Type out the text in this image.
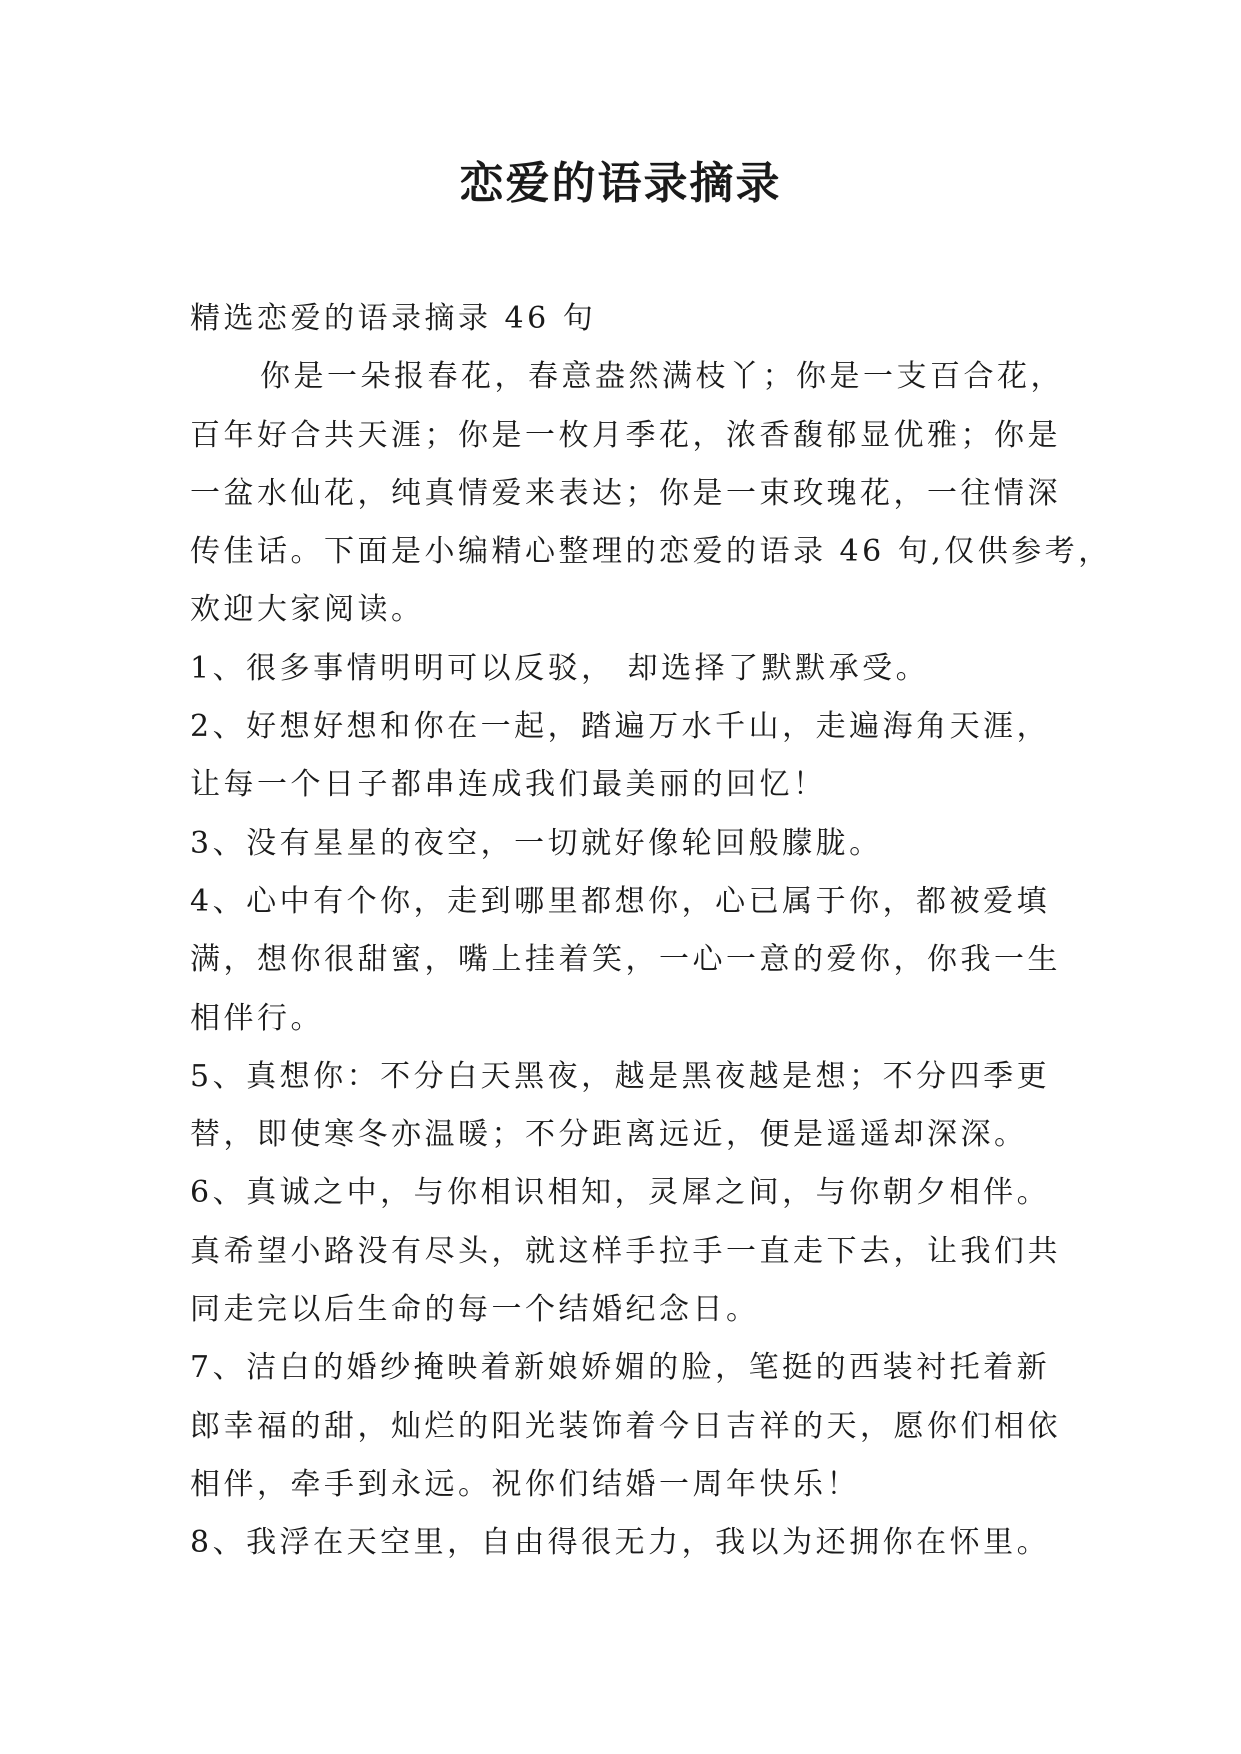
恋爱的语录摘录
精选恋爱的语录摘录 46 句
你是一朵报春花，春意盎然满枝丫；你是一支百合花，
百年好合共天涯；你是一枚月季花，浓香馥郁显优雅；你是
一盆水仙花，纯真情爱来表达；你是一束玫瑰花，一往情深
传佳话。下面是小编精心整理的恋爱的语录 46 句,仅供参考，
欢迎大家阅读。
1、很多事情明明可以反驳， 却选择了默默承受。
2、好想好想和你在一起，踏遍万水千山，走遍海角天涯，
让每一个日子都串连成我们最美丽的回忆！
3、没有星星的夜空，一切就好像轮回般朦胧。
4、心中有个你，走到哪里都想你，心已属于你，都被爱填
满，想你很甜蜜，嘴上挂着笑，一心一意的爱你，你我一生
相伴行。
5、真想你：不分白天黑夜，越是黑夜越是想；不分四季更
替，即使寒冬亦温暖；不分距离远近，便是遥遥却深深。
6、真诚之中，与你相识相知，灵犀之间，与你朝夕相伴。
真希望小路没有尽头，就这样手拉手一直走下去，让我们共
同走完以后生命的每一个结婚纪念日。
7、洁白的婚纱掩映着新娘娇媚的脸，笔挺的西装衬托着新
郎幸福的甜，灿烂的阳光装饰着今日吉祥的天，愿你们相依
相伴，牵手到永远。祝你们结婚一周年快乐！
8、我浮在天空里，自由得很无力，我以为还拥你在怀里。
